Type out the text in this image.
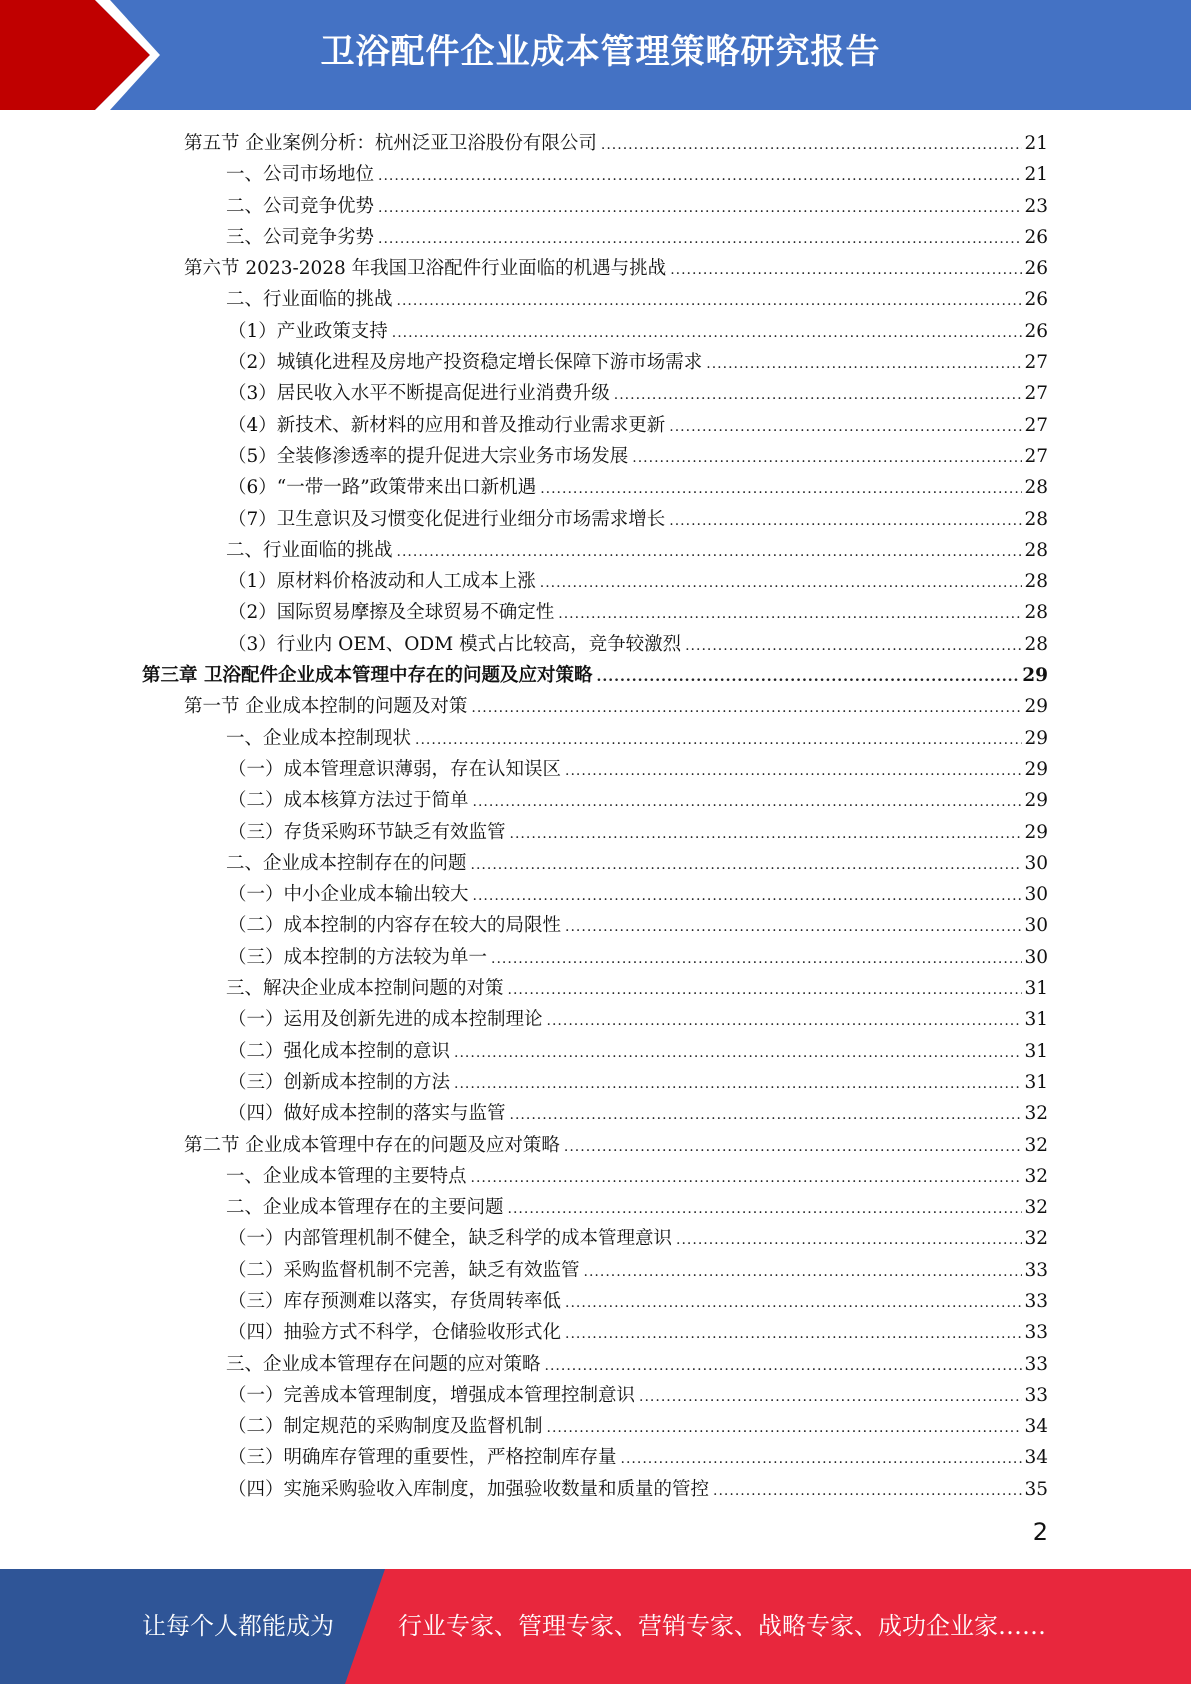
卫浴配件企业成本管理策略研究报告
第五节 企业案例分析：杭州泛亚卫浴股份有限公司 .....	21
一、公司市场地位 .....	21
二、公司竞争优势 .....	23
三、公司竞争劣势 .....	26
第六节 2023-2028 年我国卫浴配件行业面临的机遇与挑战 .....	26
二、行业面临的挑战 .....	26
（1）产业政策支持 .....	26
（2）城镇化进程及房地产投资稳定增长保障下游市场需求 .....	27
（3）居民收入水平不断提高促进行业消费升级 .....	27
（4）新技术、新材料的应用和普及推动行业需求更新 .....	27
（5）全装修渗透率的提升促进大宗业务市场发展 .....	27
（6）“一带一路”政策带来出口新机遇 .....	28
（7）卫生意识及习惯变化促进行业细分市场需求增长 .....	28
二、行业面临的挑战 .....	28
（1）原材料价格波动和人工成本上涨 .....	28
（2）国际贸易摩擦及全球贸易不确定性 .....	28
（3）行业内 OEM、ODM 模式占比较高，竞争较激烈 .....	28
第三章 卫浴配件企业成本管理中存在的问题及应对策略 .....	29
第一节 企业成本控制的问题及对策 .....	29
一、企业成本控制现状 .....	29
（一）成本管理意识薄弱，存在认知误区 .....	29
（二）成本核算方法过于简单 .....	29
（三）存货采购环节缺乏有效监管 .....	29
二、企业成本控制存在的问题 .....	30
（一）中小企业成本输出较大 .....	30
（二）成本控制的内容存在较大的局限性 .....	30
（三）成本控制的方法较为单一 .....	30
三、解决企业成本控制问题的对策 .....	31
（一）运用及创新先进的成本控制理论 .....	31
（二）强化成本控制的意识 .....	31
（三）创新成本控制的方法 .....	31
（四）做好成本控制的落实与监管 .....	32
第二节 企业成本管理中存在的问题及应对策略 .....	32
一、企业成本管理的主要特点 .....	32
二、企业成本管理存在的主要问题 .....	32
（一）内部管理机制不健全，缺乏科学的成本管理意识 .....	32
（二）采购监督机制不完善，缺乏有效监管 .....	33
（三）库存预测难以落实，存货周转率低 .....	33
（四）抽验方式不科学，仓储验收形式化 .....	33
三、企业成本管理存在问题的应对策略 .....	33
（一）完善成本管理制度，增强成本管理控制意识 .....	33
（二）制定规范的采购制度及监督机制 .....	34
（三）明确库存管理的重要性，严格控制库存量 .....	34
（四）实施采购验收入库制度，加强验收数量和质量的管控 .....	35
2
让每个人都能成为	行业专家、管理专家、营销专家、战略专家、成功企业家……
